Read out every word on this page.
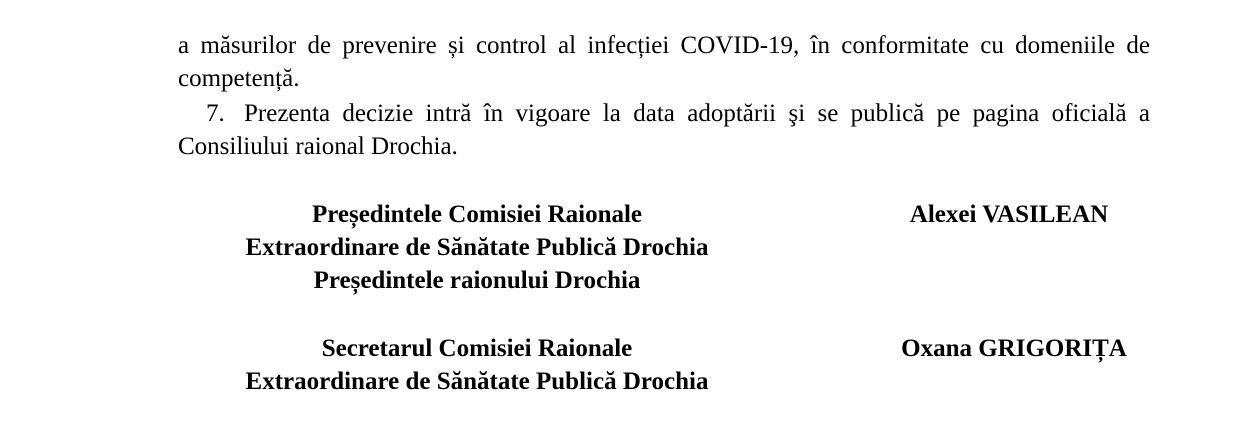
a măsurilor de prevenire și control al infecției COVID-19, în conformitate cu domeniile de competență.

7. Prezenta decizie intră în vigoare la data adoptării şi se publică pe pagina oficială a Consiliului raional Drochia.

Președintele Comisiei Raionale
Extraordinare de Sănătate Publică Drochia
Președintele raionului Drochia
Alexei VASILEAN
Secretarul Comisiei Raionale
Extraordinare de Sănătate Publică Drochia
Oxana GRIGORIȚA
